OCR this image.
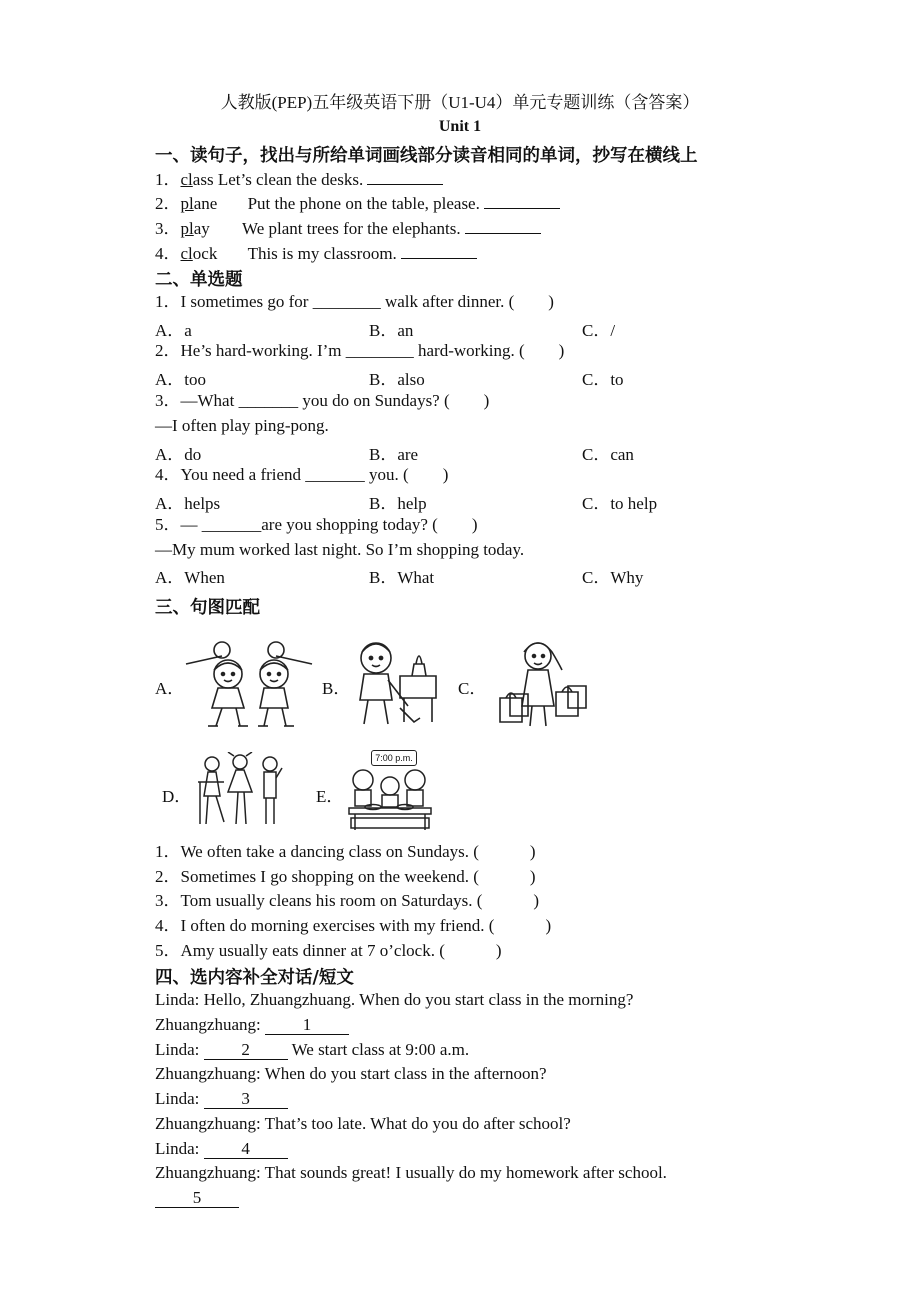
人教版(PEP)五年级英语下册（U1-U4）单元专题训练（含答案）
Unit 1
一、读句子，找出与所给单词画线部分读音相同的单词，抄写在横线上
1．class Let’s clean the desks.
2．plane Put the phone on the table, please.
3．play We plant trees for the elephants.
4．clock This is my classroom.
二、单选题
1．I sometimes go for ________ walk after dinner. (　　)
A．a	B．an	C．/
2．He’s hard-working. I’m ________ hard-working. (　　)
A．too	B．also	C．to
3．—What _______ you do on Sundays? (　　)
—I often play ping-pong.
A．do	B．are	C．can
4．You need a friend _______ you. (　　)
A．helps	B．help	C．to help
5．— _______are you shopping today? (　　)
—My mum worked last night. So I’m shopping today.
A．When	B．What	C．Why
三、句图匹配
A．	B．	C．
D．	E．
7:00 p.m.
1．We often take a dancing class on Sundays. (　　　)
2．Sometimes I go shopping on the weekend. (　　　)
3．Tom usually cleans his room on Saturdays. (　　　)
4．I often do morning exercises with my friend. (　　　)
5．Amy usually eats dinner at 7 o’clock. (　　　)
四、选内容补全对话/短文
Linda: Hello, Zhuangzhuang. When do you start class in the morning?
Zhuangzhuang: 1
Linda: 2 We start class at 9:00 a.m.
Zhuangzhuang: When do you start class in the afternoon?
Linda: 3
Zhuangzhuang: That’s too late. What do you do after school?
Linda: 4
Zhuangzhuang: That sounds great! I usually do my homework after school.
5
